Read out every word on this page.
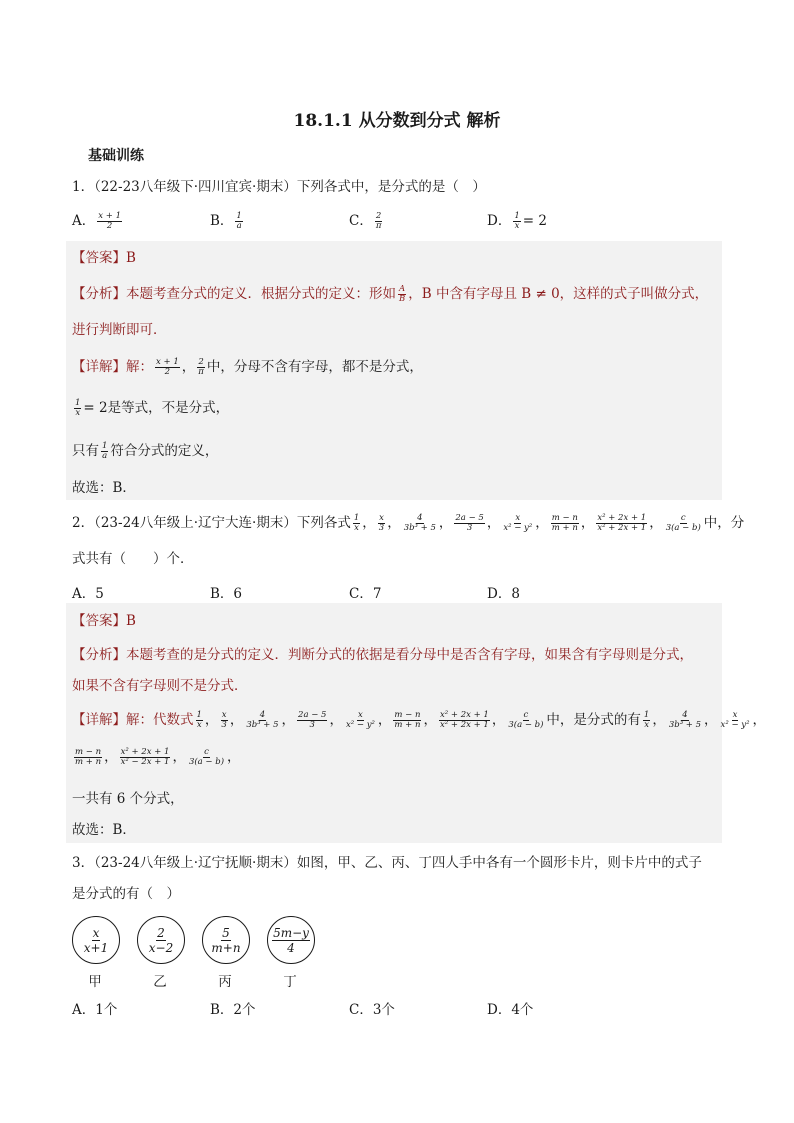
18.1.1 从分数到分式 解析
基础训练
1．（22-23八年级下·四川宜宾·期末）下列各式中，是分式的是（　）
A． $\frac{x + 1}{2}$	B． $\frac{1}{a}$	C． $\frac{2}{\pi}$	D． $\frac{1}{x} = 2$
【答案】B
【分析】本题考查分式的定义．根据分式的定义：形如 $\frac{A}{B}$ ，B 中含有字母且 B ≠ 0，这样的式子叫做分式，
进行判断即可．
【详解】解： $\frac{x + 1}{2}$ ， $\frac{2}{\pi}$ 中，分母不含有字母，都不是分式，
$\frac{1}{x} = 2$是等式，不是分式，
只有 $\frac{1}{a}$ 符合分式的定义，
故选：B．
2．（23-24八年级上·辽宁大连·期末）下列各式 $\frac{1}{x}$ ， $\frac{x}{3}$ ， $\frac{4}{\text{3b³ + 5}}$ ， $\frac{2a - 5}{3}$ ， $\frac{x}{\text{x² − y²}}$ ， $\frac{m - n}{m + n}$ ， $\frac{\text{x² + 2x + 1}}{\text{x² + 2x + 1}}$ ， $\frac{c}{3(a - b)}$ 中，分
式共有（　　）个．
A．5	B．6	C．7	D．8
【答案】B
【分析】本题考查的是分式的定义．判断分式的依据是看分母中是否含有字母，如果含有字母则是分式，
如果不含有字母则不是分式．
【详解】解：代数式 $\frac{1}{x}$ ， $\frac{x}{3}$ ， $\frac{4}{\text{3b³ + 5}}$ ， $\frac{2a - 5}{3}$ ， $\frac{x}{\text{x² − y²}}$ ， $\frac{m - n}{m + n}$ ， $\frac{\text{x² + 2x + 1}}{\text{x² + 2x + 1}}$ ， $\frac{c}{3(a - b)}$ 中，是分式的有 $\frac{1}{x}$ ， $\frac{4}{\text{3b³ + 5}}$ ， $\frac{x}{\text{x² − y²}}$ ，
$\frac{m - n}{m + n}$ ， $\frac{\text{x² + 2x + 1}}{\text{x² − 2x + 1}}$ ， $\frac{c}{3(a - b)}$ ，
一共有 6 个分式，
故选：B．
3．（23-24八年级上·辽宁抚顺·期末）如图，甲、乙、丙、丁四人手中各有一个圆形卡片，则卡片中的式子
是分式的有（　）
$\frac{x}{x+1}$
甲
$\frac{2}{x-2}$
乙
$\frac{5}{m+n}$
丙
$\frac{5m-y}{4}$
丁
A．1个	B．2个	C．3个	D．4个
